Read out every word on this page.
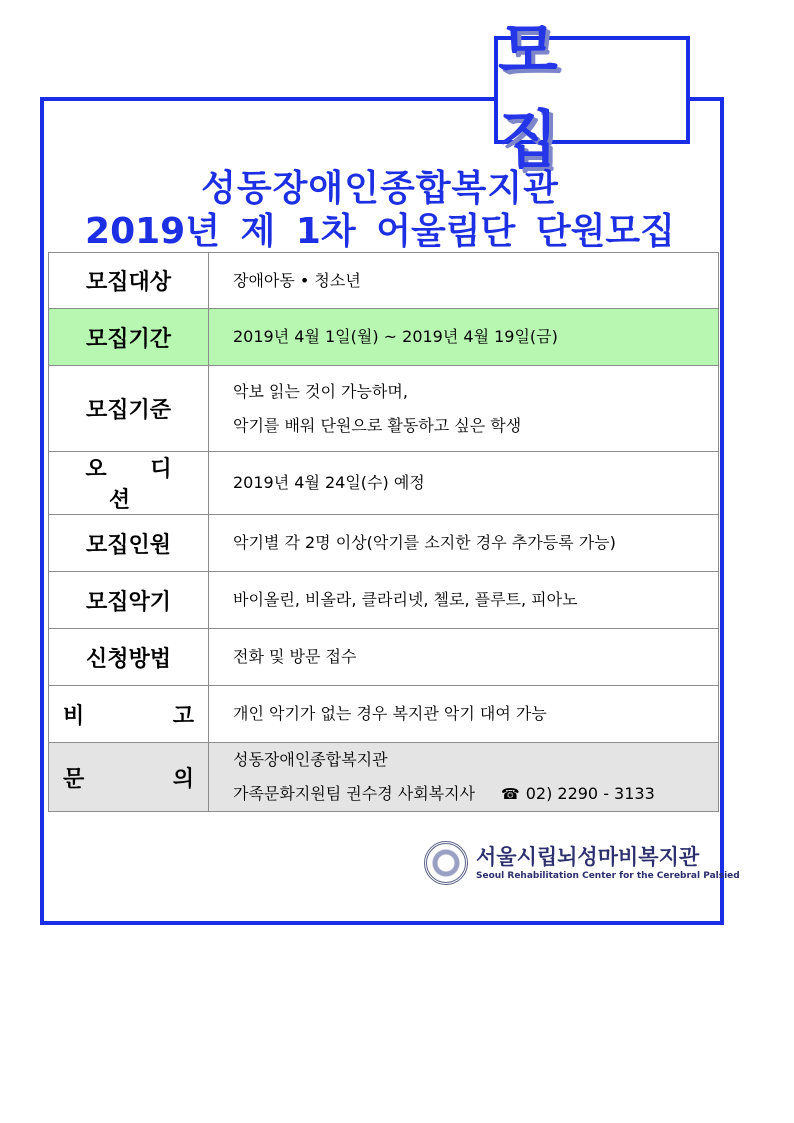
모 집
성동장애인종합복지관
2019년 제 1차 어울림단 단원모집
모집대상	장애아동 • 청소년
모집기간	2019년 4월 1일(월) ~ 2019년 4월 19일(금)
모집기준	악보 읽는 것이 가능하며,
악기를 배워 단원으로 활동하고 싶은 학생

오 디 션	2019년 4월 24일(수) 예정
모집인원	악기별 각 2명 이상(악기를 소지한 경우 추가등록 가능)
모집악기	바이올린, 비올라, 클라리넷, 첼로, 플루트, 피아노
신청방법	전화 및 방문 접수
비 고	개인 악기가 없는 경우 복지관 악기 대여 가능
문 의	성동장애인종합복지관
가족문화지원팀 권수경 사회복지사 ☎ 02) 2290 - 3133
서울시립뇌성마비복지관
Seoul Rehabilitation Center for the Cerebral Palsied
